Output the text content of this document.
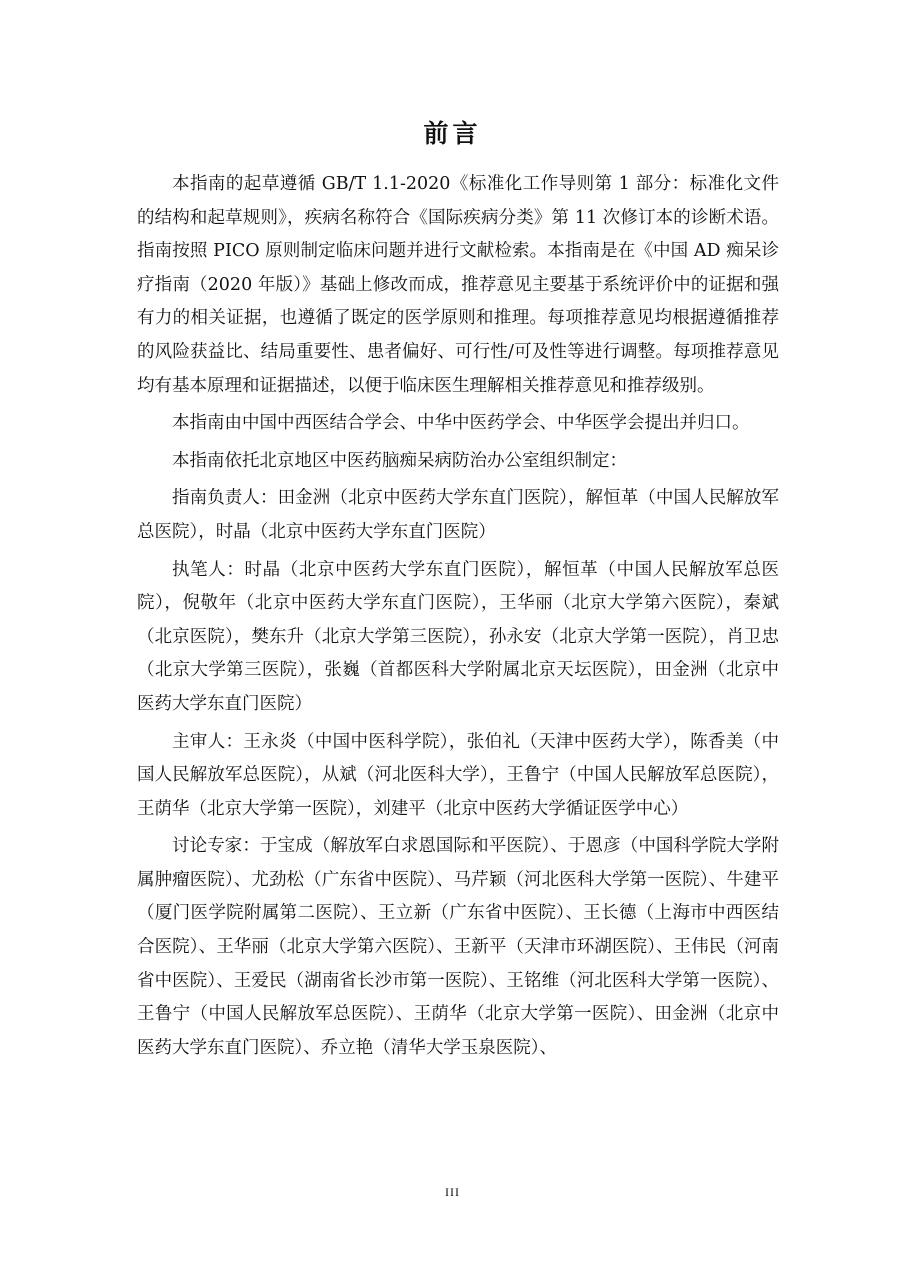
前言

本指南的起草遵循 GB/T 1.1-2020《标准化工作导则第 1 部分：标准化文件的结构和起草规则》，疾病名称符合《国际疾病分类》第 11 次修订本的诊断术语。指南按照 PICO 原则制定临床问题并进行文献检索。本指南是在《中国 AD 痴呆诊疗指南（2020 年版）》基础上修改而成，推荐意见主要基于系统评价中的证据和强有力的相关证据，也遵循了既定的医学原则和推理。每项推荐意见均根据遵循推荐的风险获益比、结局重要性、患者偏好、可行性/可及性等进行调整。每项推荐意见均有基本原理和证据描述，以便于临床医生理解相关推荐意见和推荐级别。

本指南由中国中西医结合学会、中华中医药学会、中华医学会提出并归口。

本指南依托北京地区中医药脑痴呆病防治办公室组织制定：

指南负责人：田金洲（北京中医药大学东直门医院），解恒革（中国人民解放军总医院），时晶（北京中医药大学东直门医院）

执笔人：时晶（北京中医药大学东直门医院），解恒革（中国人民解放军总医院），倪敬年（北京中医药大学东直门医院），王华丽（北京大学第六医院），秦斌（北京医院），樊东升（北京大学第三医院），孙永安（北京大学第一医院），肖卫忠（北京大学第三医院），张巍（首都医科大学附属北京天坛医院），田金洲（北京中医药大学东直门医院）

主审人：王永炎（中国中医科学院），张伯礼（天津中医药大学），陈香美（中国人民解放军总医院），从斌（河北医科大学），王鲁宁（中国人民解放军总医院），王荫华（北京大学第一医院），刘建平（北京中医药大学循证医学中心）

讨论专家：于宝成（解放军白求恩国际和平医院）、于恩彦（中国科学院大学附属肿瘤医院）、尤劲松（广东省中医院）、马芹颖（河北医科大学第一医院）、牛建平（厦门医学院附属第二医院）、王立新（广东省中医院）、王长德（上海市中西医结合医院）、王华丽（北京大学第六医院）、王新平（天津市环湖医院）、王伟民（河南省中医院）、王爱民（湖南省长沙市第一医院）、王铭维（河北医科大学第一医院）、王鲁宁（中国人民解放军总医院）、王荫华（北京大学第一医院）、田金洲（北京中医药大学东直门医院）、乔立艳（清华大学玉泉医院）、

III
